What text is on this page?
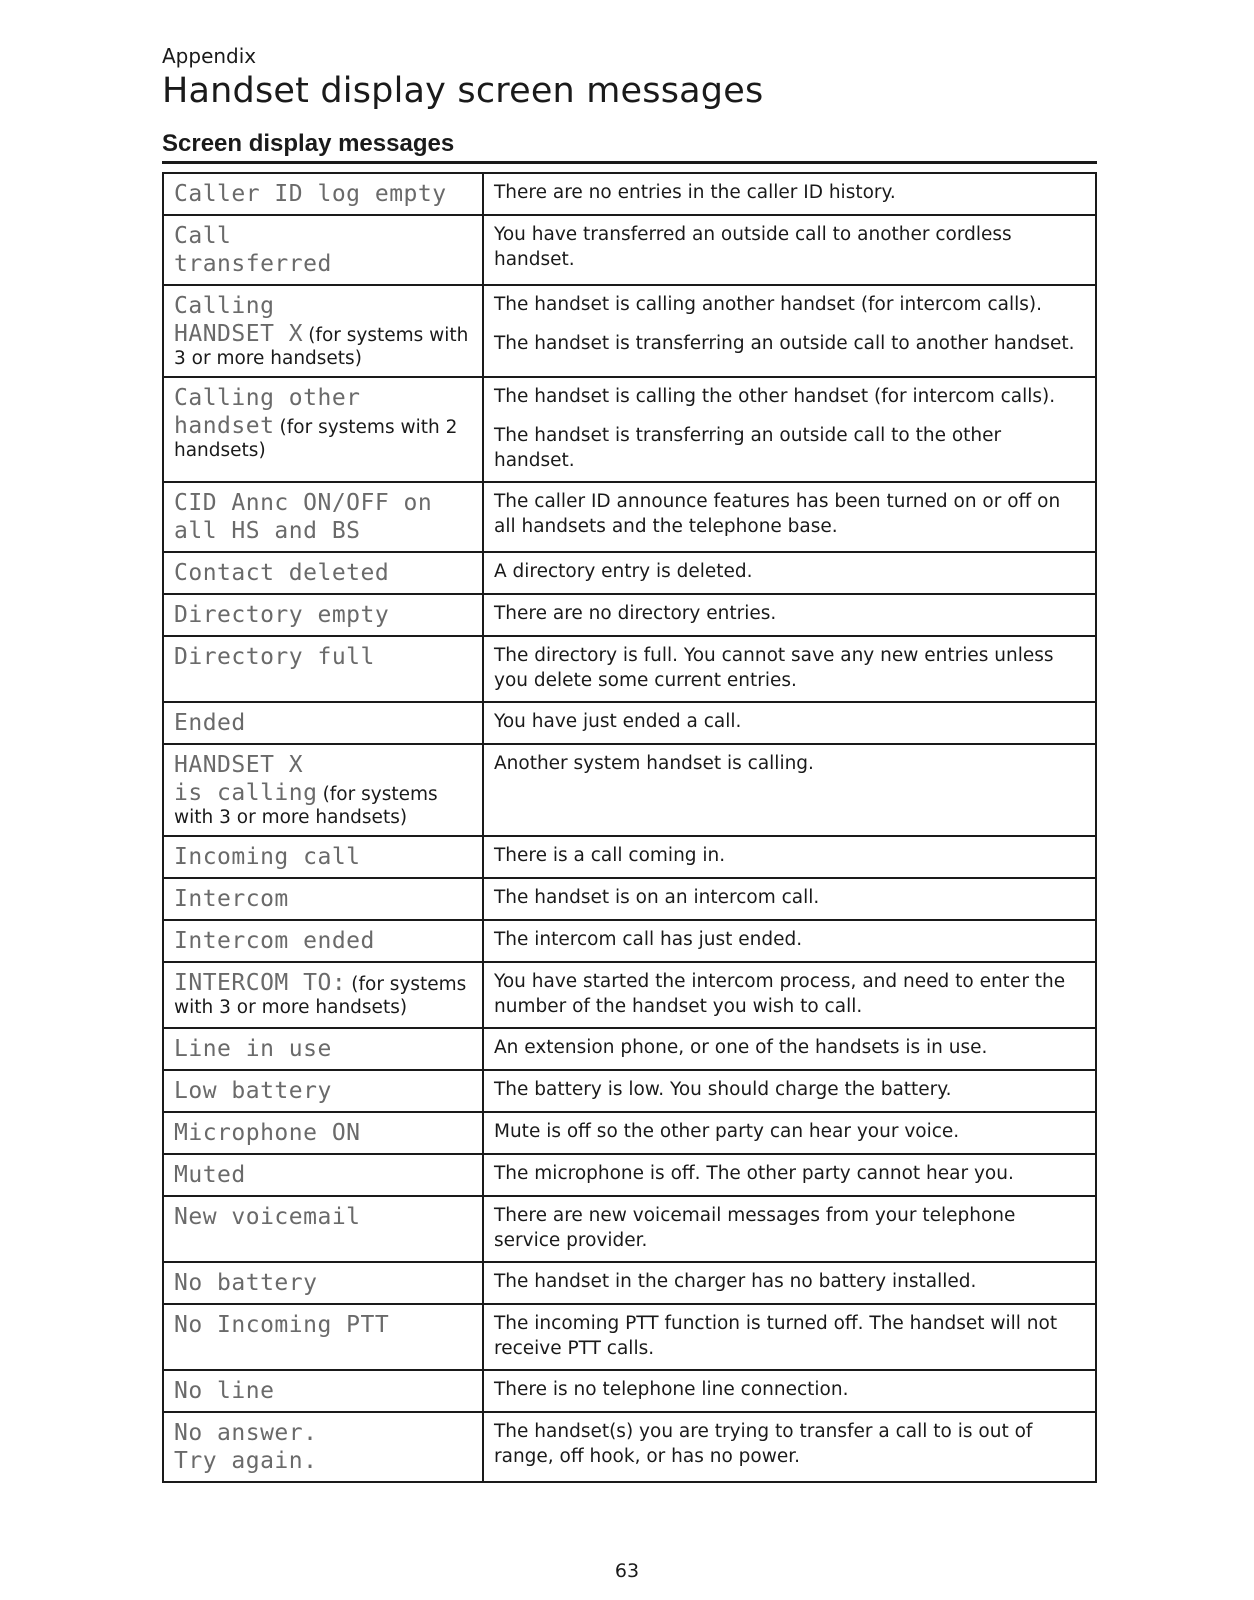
Appendix

Handset display screen messages
Screen display messages
Caller ID log empty	There are no entries in the caller ID history.

Call
transferred	You have transferred an outside call to another cordless handset.

Calling
HANDSET X (for systems with 3 or more handsets)	The handset is calling another handset (for intercom calls).
The handset is transferring an outside call to another handset.

Calling other
handset (for systems with 2 handsets)	The handset is calling the other handset (for intercom calls).
The handset is transferring an outside call to the other handset.

CID Annc ON/OFF on
all HS and BS	The caller ID announce features has been turned on or off on all handsets and the telephone base.

Contact deleted	A directory entry is deleted.

Directory empty	There are no directory entries.

Directory full	The directory is full. You cannot save any new entries unless you delete some current entries.

Ended	You have just ended a call.

HANDSET X
is calling (for systems with 3 or more handsets)	Another system handset is calling.

Incoming call	There is a call coming in.

Intercom	The handset is on an intercom call.

Intercom ended	The intercom call has just ended.

INTERCOM TO: (for systems with 3 or more handsets)	You have started the intercom process, and need to enter the number of the handset you wish to call.

Line in use	An extension phone, or one of the handsets is in use.

Low battery	The battery is low. You should charge the battery.

Microphone ON	Mute is off so the other party can hear your voice.

Muted	The microphone is off. The other party cannot hear you.

New voicemail	There are new voicemail messages from your telephone service provider.

No battery	The handset in the charger has no battery installed.

No Incoming PTT	The incoming PTT function is turned off. The handset will not receive PTT calls.

No line	There is no telephone line connection.

No answer.
Try again.	The handset(s) you are trying to transfer a call to is out of range, off hook, or has no power.

63
